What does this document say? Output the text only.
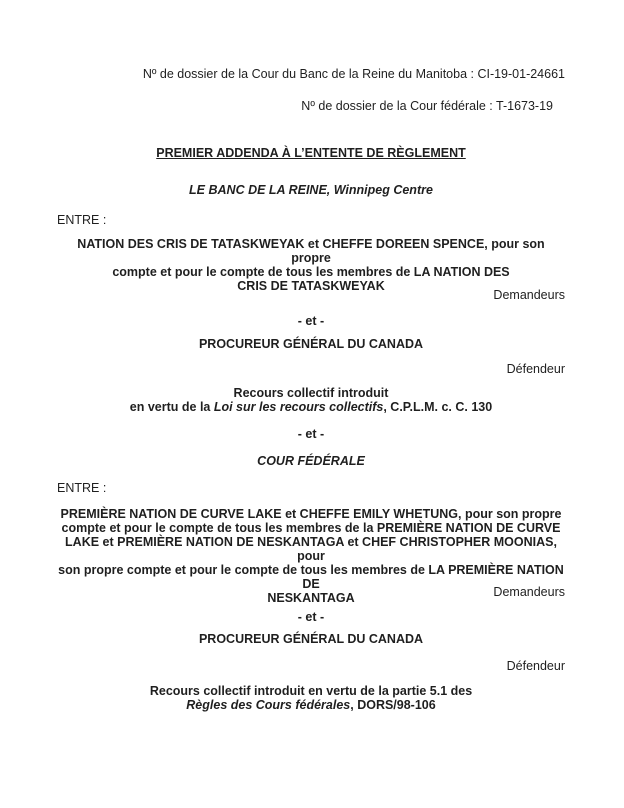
Nº de dossier de la Cour du Banc de la Reine du Manitoba : CI-19-01-24661
Nº de dossier de la Cour fédérale : T-1673-19
PREMIER ADDENDA À L’ENTENTE DE RÈGLEMENT
LE BANC DE LA REINE, Winnipeg Centre
ENTRE :
NATION DES CRIS DE TATASKWEYAK et CHEFFE DOREEN SPENCE, pour son propre
compte et pour le compte de tous les membres de LA NATION DES
CRIS DE TATASKWEYAK
Demandeurs
- et -
PROCUREUR GÉNÉRAL DU CANADA
Défendeur
Recours collectif introduit
en vertu de la Loi sur les recours collectifs, C.P.L.M. c. C. 130
- et -
COUR FÉDÉRALE
ENTRE :
PREMIÈRE NATION DE CURVE LAKE et CHEFFE EMILY WHETUNG, pour son propre
compte et pour le compte de tous les membres de la PREMIÈRE NATION DE CURVE
LAKE et PREMIÈRE NATION DE NESKANTAGA et CHEF CHRISTOPHER MOONIAS, pour
son propre compte et pour le compte de tous les membres de LA PREMIÈRE NATION DE
NESKANTAGA	Demandeurs
- et -
PROCUREUR GÉNÉRAL DU CANADA
Défendeur
Recours collectif introduit en vertu de la partie 5.1 des
Règles des Cours fédérales, DORS/98-106
